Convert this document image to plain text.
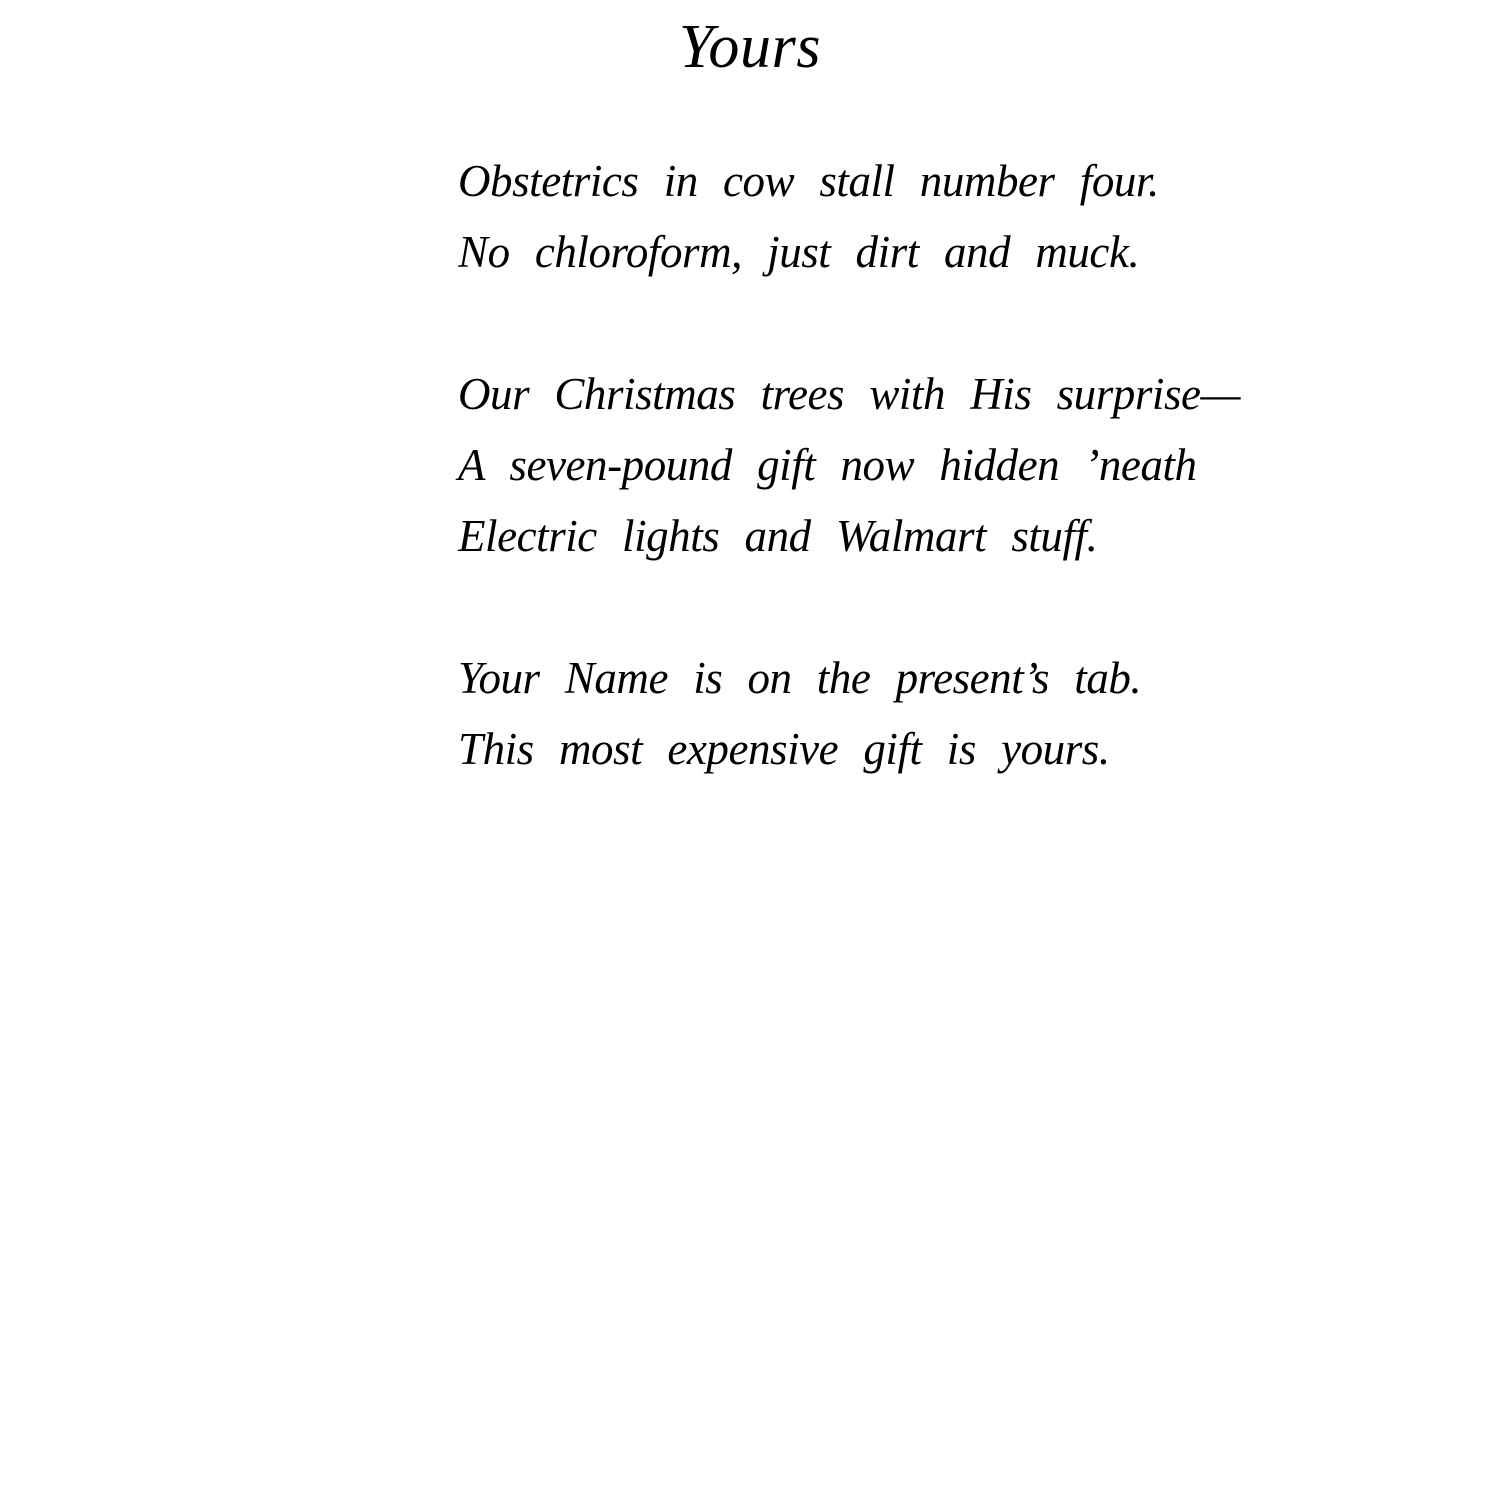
Yours
Obstetrics in cow stall number four.
No chloroform, just dirt and muck.
Our Christmas trees with His surprise—
A seven-pound gift now hidden ’neath
Electric lights and Walmart stuff.
Your Name is on the present’s tab.
This most expensive gift is yours.
